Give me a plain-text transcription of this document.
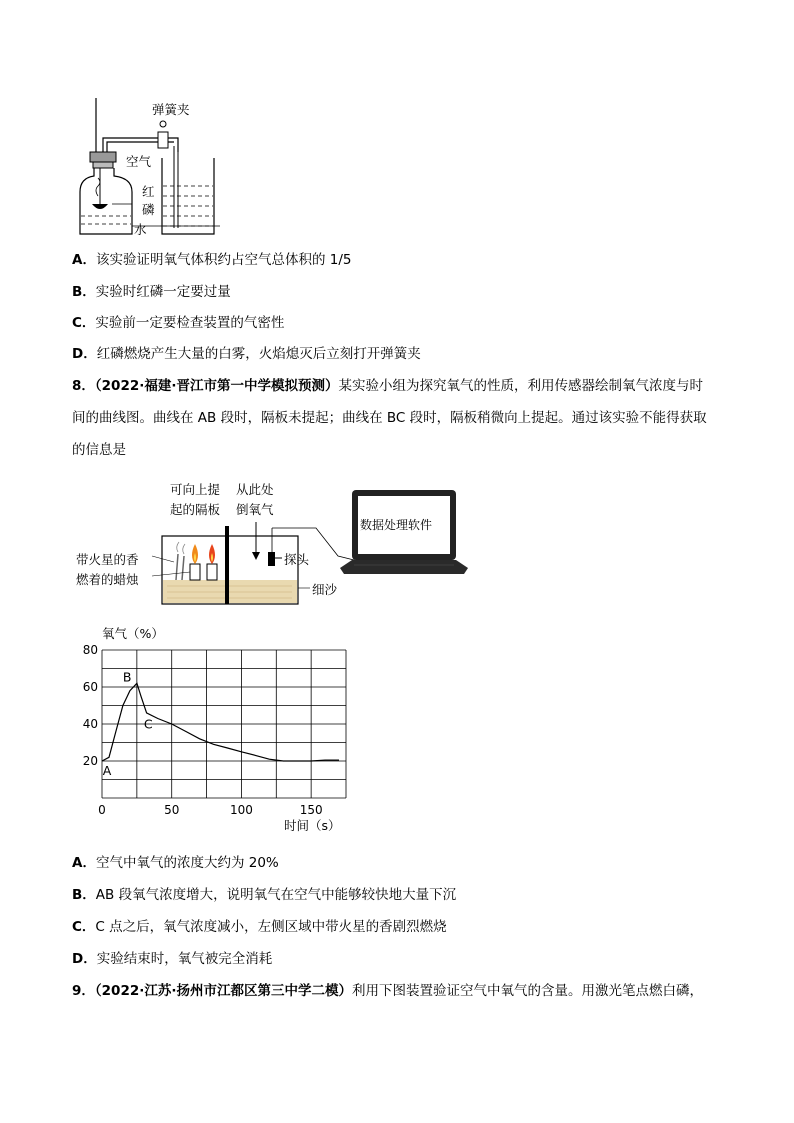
弹簧夹
空气
红
磷
水
A．该实验证明氧气体积约占空气总体积的 1/5
B．实验时红磷一定要过量
C．实验前一定要检查装置的气密性
D．红磷燃烧产生大量的白雾，火焰熄灭后立刻打开弹簧夹
8．（2022·福建·晋江市第一中学模拟预测）某实验小组为探究氧气的性质，利用传感器绘制氧气浓度与时
间的曲线图。曲线在 AB 段时，隔板未提起；曲线在 BC 段时，隔板稍微向上提起。通过该实验不能得获取
的信息是
可向上提
起的隔板
从此处
倒氧气
数据处理软件
带火星的香
燃着的蜡烛
探头
细沙
20
40
60
80
0	50	100	150
A
B
C
氧气（%）
时间（s）
A．空气中氧气的浓度大约为 20%
B．AB 段氧气浓度增大，说明氧气在空气中能够较快地大量下沉
C．C 点之后，氧气浓度减小，左侧区域中带火星的香剧烈燃烧
D．实验结束时，氧气被完全消耗
9．（2022·江苏·扬州市江都区第三中学二模）利用下图装置验证空气中氧气的含量。用激光笔点燃白磷，
